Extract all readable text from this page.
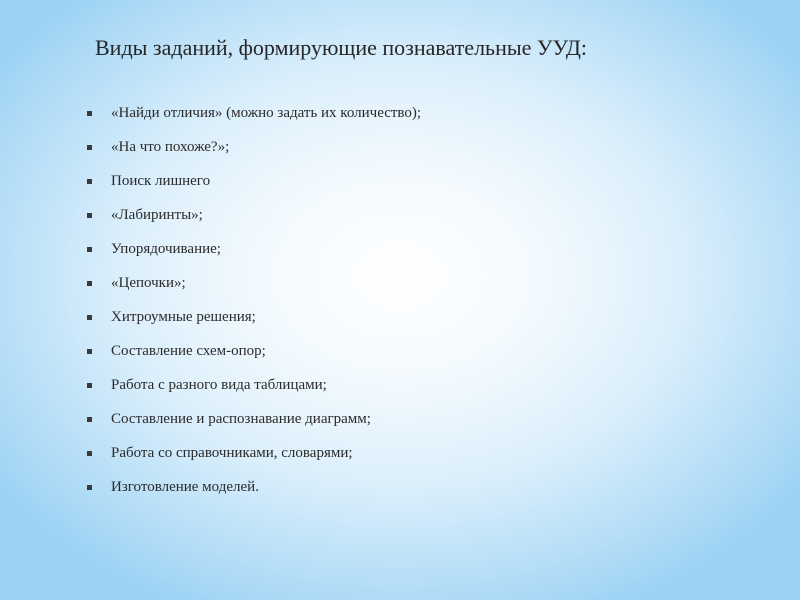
Виды заданий, формирующие познавательные УУД:
«Найди отличия» (можно задать их количество);
«На что похоже?»;
Поиск лишнего
«Лабиринты»;
Упорядочивание;
«Цепочки»;
Хитроумные решения;
Составление схем-опор;
Работа с разного вида таблицами;
Составление и распознавание диаграмм;
Работа со справочниками, словарями;
Изготовление моделей.
